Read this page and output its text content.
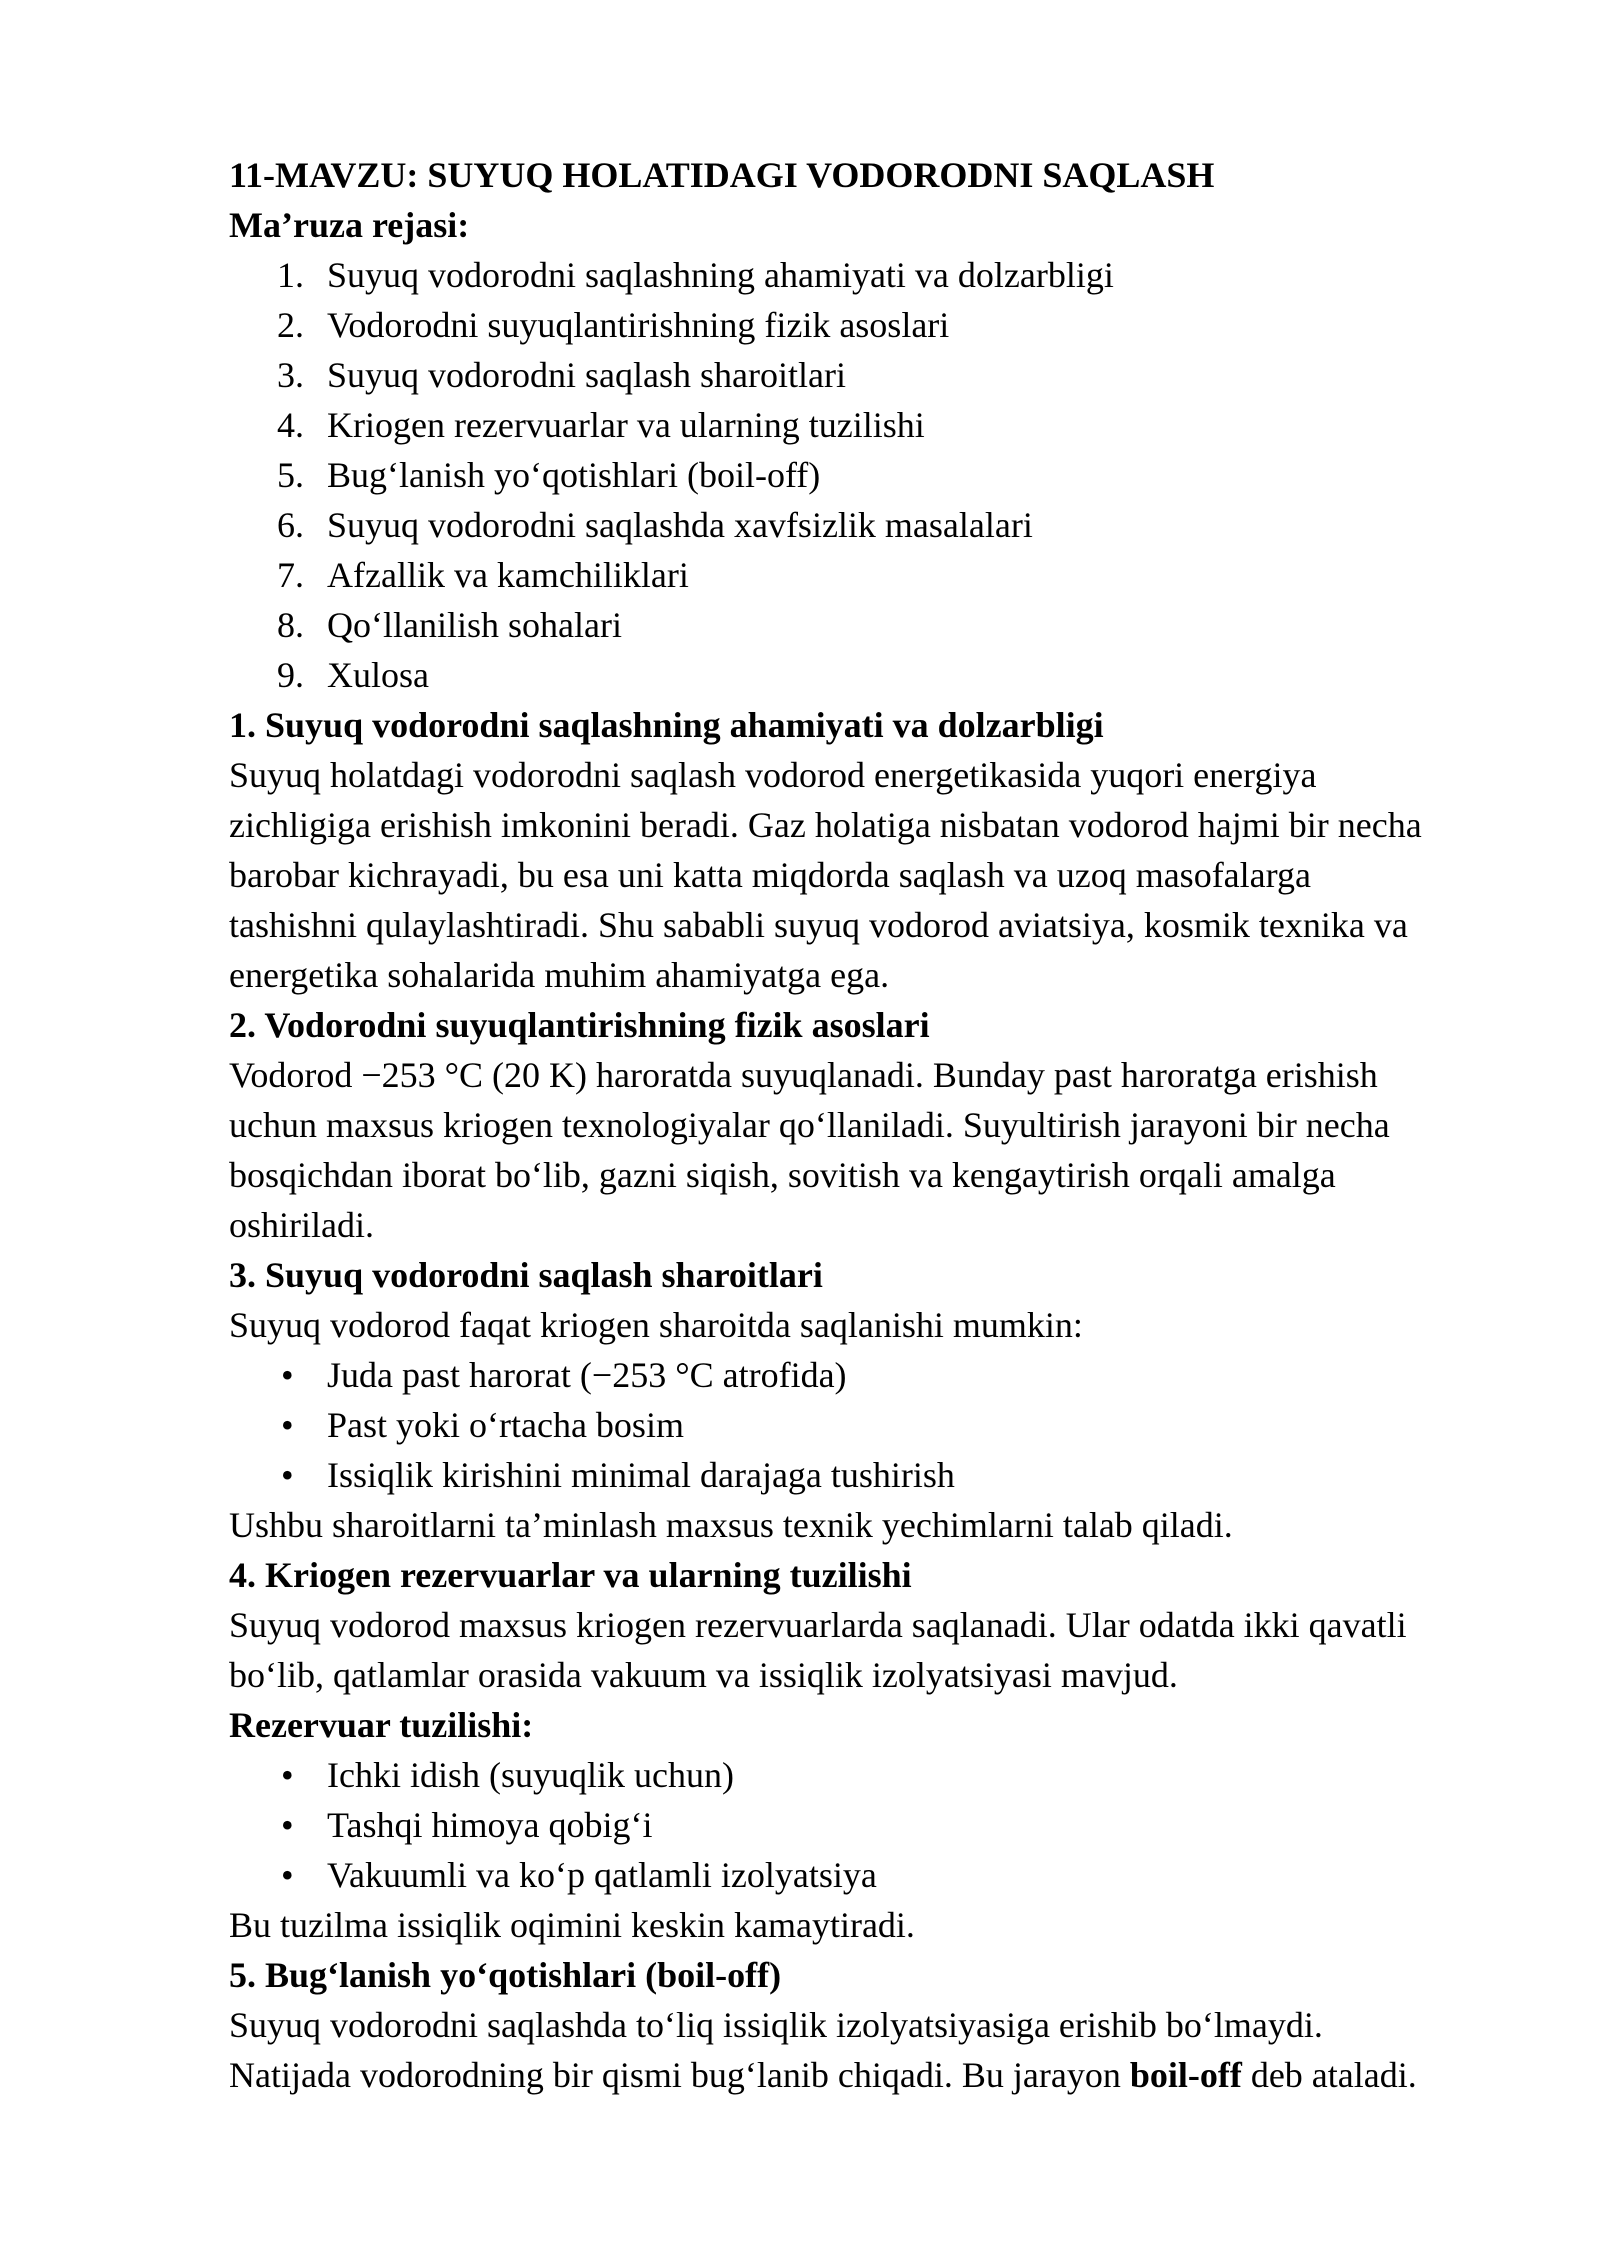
11-MAVZU: SUYUQ HOLATIDAGI VODORODNI SAQLASH
Ma’ruza rejasi:
1. Suyuq vodorodni saqlashning ahamiyati va dolzarbligi
2. Vodorodni suyuqlantirishning fizik asoslari
3. Suyuq vodorodni saqlash sharoitlari
4. Kriogen rezervuarlar va ularning tuzilishi
5. Bug‘lanish yo‘qotishlari (boil-off)
6. Suyuq vodorodni saqlashda xavfsizlik masalalari
7. Afzallik va kamchiliklari
8. Qo‘llanilish sohalari
9. Xulosa
1. Suyuq vodorodni saqlashning ahamiyati va dolzarbligi
Suyuq holatdagi vodorodni saqlash vodorod energetikasida yuqori energiya
zichligiga erishish imkonini beradi. Gaz holatiga nisbatan vodorod hajmi bir necha
barobar kichrayadi, bu esa uni katta miqdorda saqlash va uzoq masofalarga
tashishni qulaylashtiradi. Shu sababli suyuq vodorod aviatsiya, kosmik texnika va
energetika sohalarida muhim ahamiyatga ega.
2. Vodorodni suyuqlantirishning fizik asoslari
Vodorod −253 °C (20 K) haroratda suyuqlanadi. Bunday past haroratga erishish
uchun maxsus kriogen texnologiyalar qo‘llaniladi. Suyultirish jarayoni bir necha
bosqichdan iborat bo‘lib, gazni siqish, sovitish va kengaytirish orqali amalga
oshiriladi.
3. Suyuq vodorodni saqlash sharoitlari
Suyuq vodorod faqat kriogen sharoitda saqlanishi mumkin:
• Juda past harorat (−253 °C atrofida)
• Past yoki o‘rtacha bosim
• Issiqlik kirishini minimal darajaga tushirish
Ushbu sharoitlarni ta’minlash maxsus texnik yechimlarni talab qiladi.
4. Kriogen rezervuarlar va ularning tuzilishi
Suyuq vodorod maxsus kriogen rezervuarlarda saqlanadi. Ular odatda ikki qavatli
bo‘lib, qatlamlar orasida vakuum va issiqlik izolyatsiyasi mavjud.
Rezervuar tuzilishi:
• Ichki idish (suyuqlik uchun)
• Tashqi himoya qobig‘i
• Vakuumli va ko‘p qatlamli izolyatsiya
Bu tuzilma issiqlik oqimini keskin kamaytiradi.
5. Bug‘lanish yo‘qotishlari (boil-off)
Suyuq vodorodni saqlashda to‘liq issiqlik izolyatsiyasiga erishib bo‘lmaydi.
Natijada vodorodning bir qismi bug‘lanib chiqadi. Bu jarayon boil-off deb ataladi.
